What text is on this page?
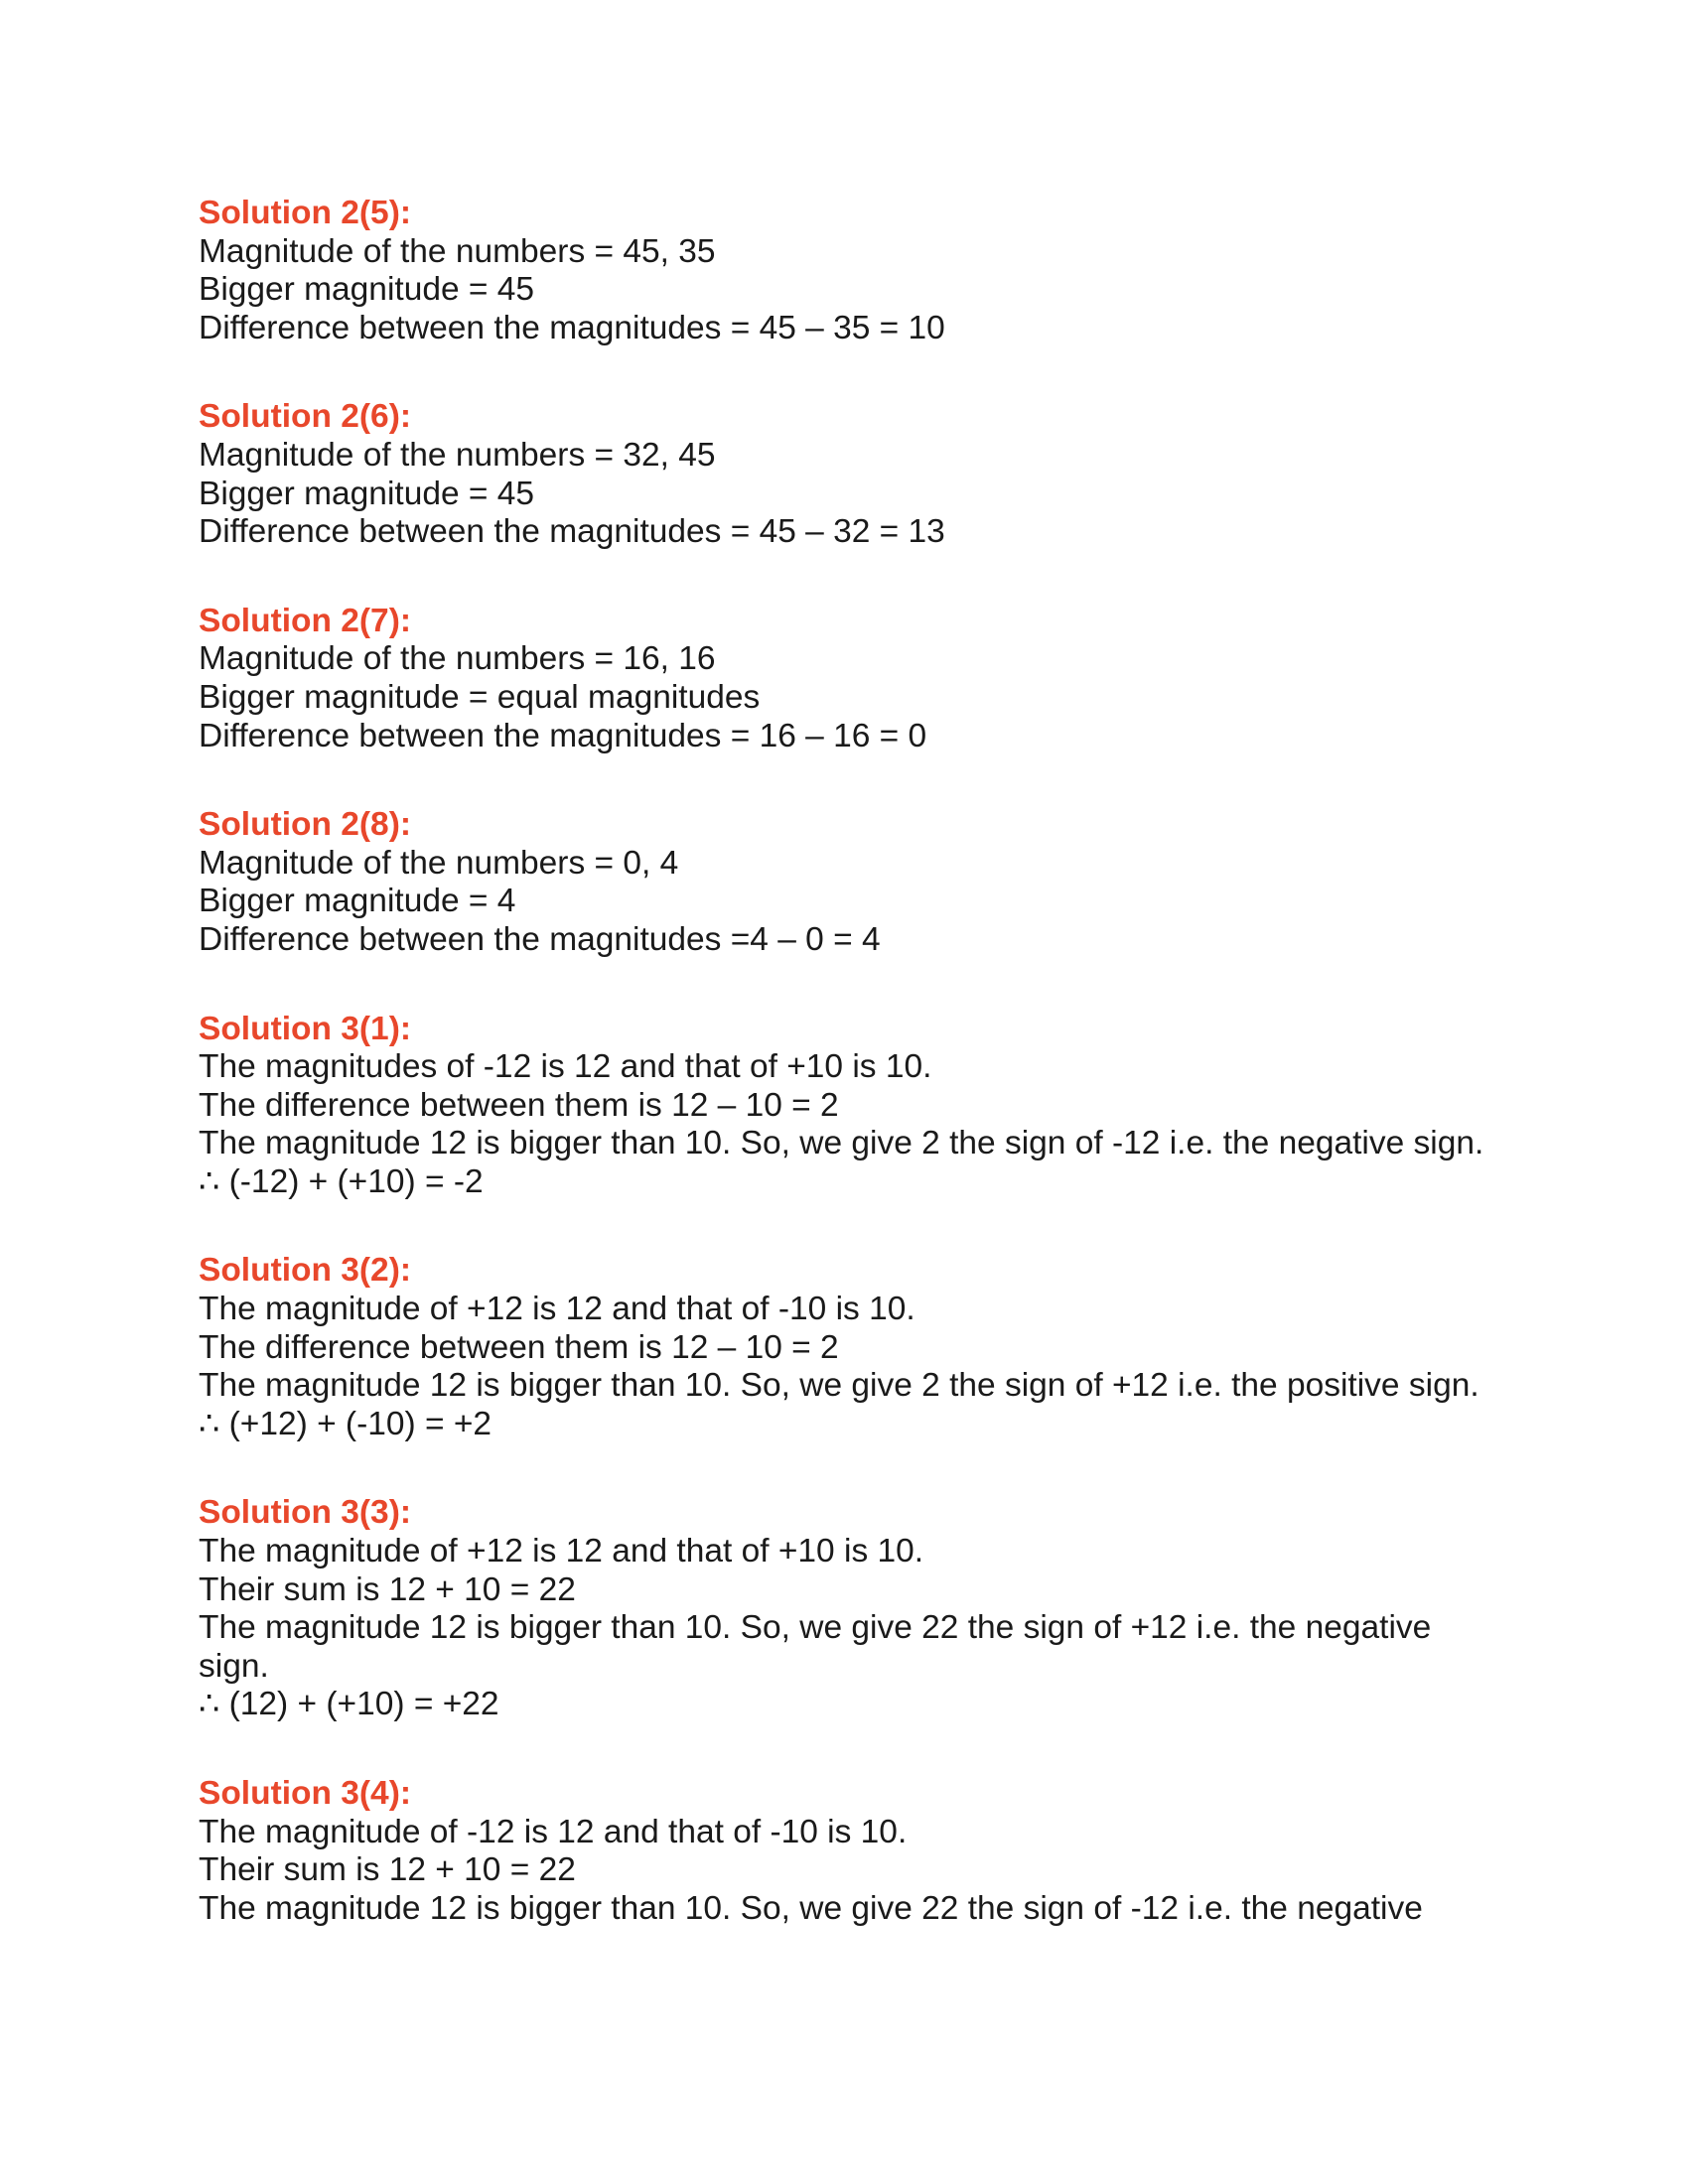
Solution 2(5):

Magnitude of the numbers = 45, 35

Bigger magnitude = 45

Difference between the magnitudes = 45 – 35 = 10

Solution 2(6):

Magnitude of the numbers = 32, 45

Bigger magnitude = 45

Difference between the magnitudes = 45 – 32 = 13

Solution 2(7):

Magnitude of the numbers = 16, 16

Bigger magnitude = equal magnitudes

Difference between the magnitudes = 16 – 16 = 0

Solution 2(8):

Magnitude of the numbers = 0, 4

Bigger magnitude = 4

Difference between the magnitudes =4 – 0 = 4

Solution 3(1):

The magnitudes of -12 is 12 and that of +10 is 10.

The difference between them is 12 – 10 = 2

The magnitude 12 is bigger than 10. So, we give 2 the sign of -12 i.e. the negative sign.

∴ (-12) + (+10) = -2

Solution 3(2):

The magnitude of +12 is 12 and that of -10 is 10.

The difference between them is 12 – 10 = 2

The magnitude 12 is bigger than 10. So, we give 2 the sign of +12 i.e. the positive sign.

∴ (+12) + (-10) = +2

Solution 3(3):

The magnitude of +12 is 12 and that of +10 is 10.

Their sum is 12 + 10 = 22

The magnitude 12 is bigger than 10. So, we give 22 the sign of +12 i.e. the negative

sign.

∴ (12) + (+10) = +22

Solution 3(4):

The magnitude of -12 is 12 and that of -10 is 10.

Their sum is 12 + 10 = 22

The magnitude 12 is bigger than 10. So, we give 22 the sign of -12 i.e. the negative
